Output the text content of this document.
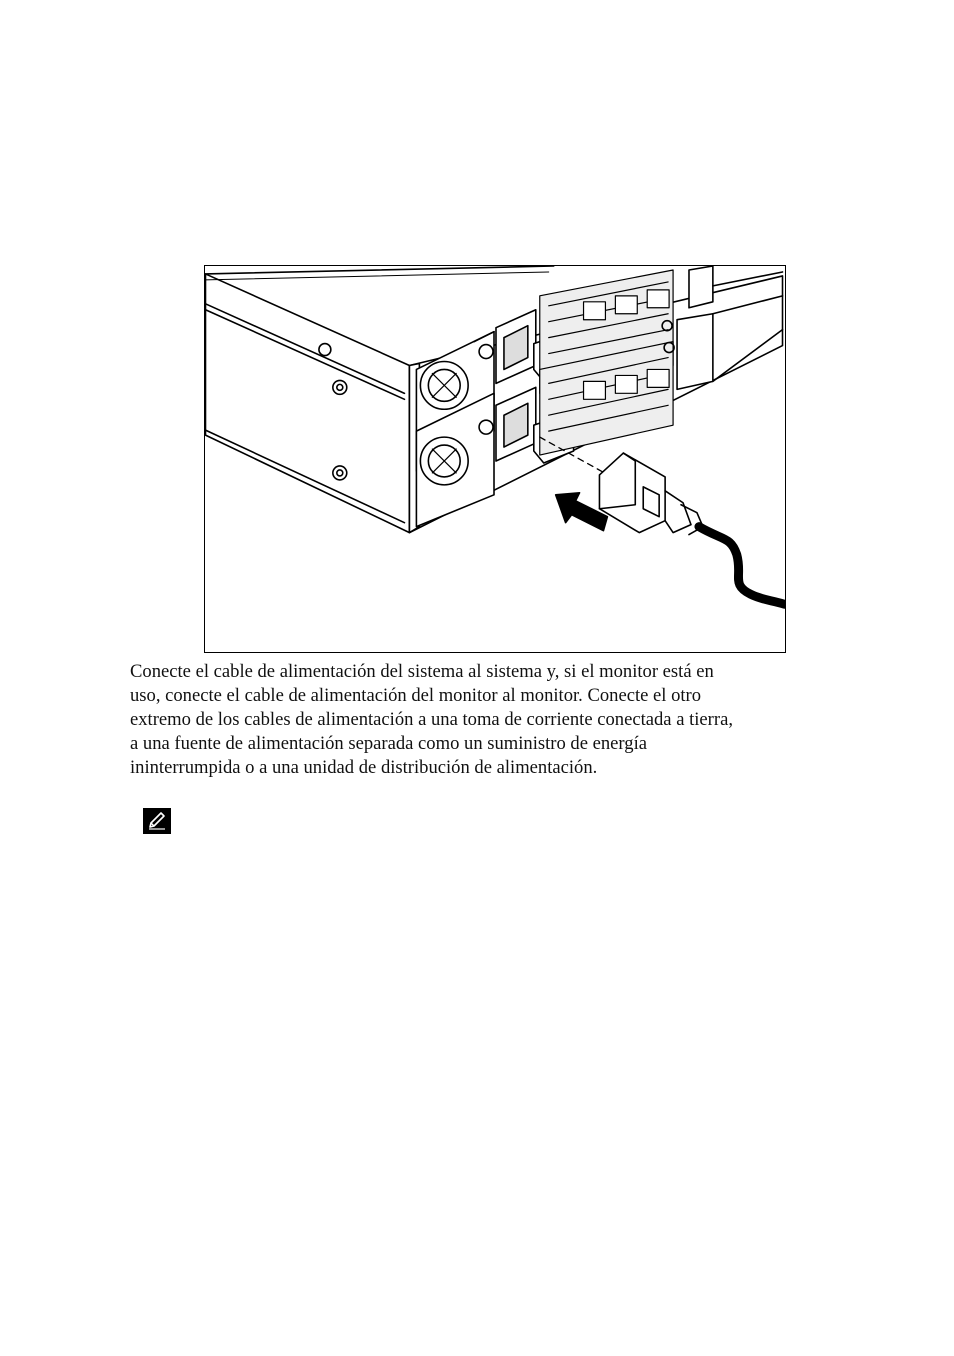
Conecte el cable de alimentación del sistema al sistema y, si el monitor está en
uso, conecte el cable de alimentación del monitor al monitor. Conecte el otro
extremo de los cables de alimentación a una toma de corriente conectada a tierra,
a una fuente de alimentación separada como un suministro de energía
ininterrumpida o a una unidad de distribución de alimentación.
